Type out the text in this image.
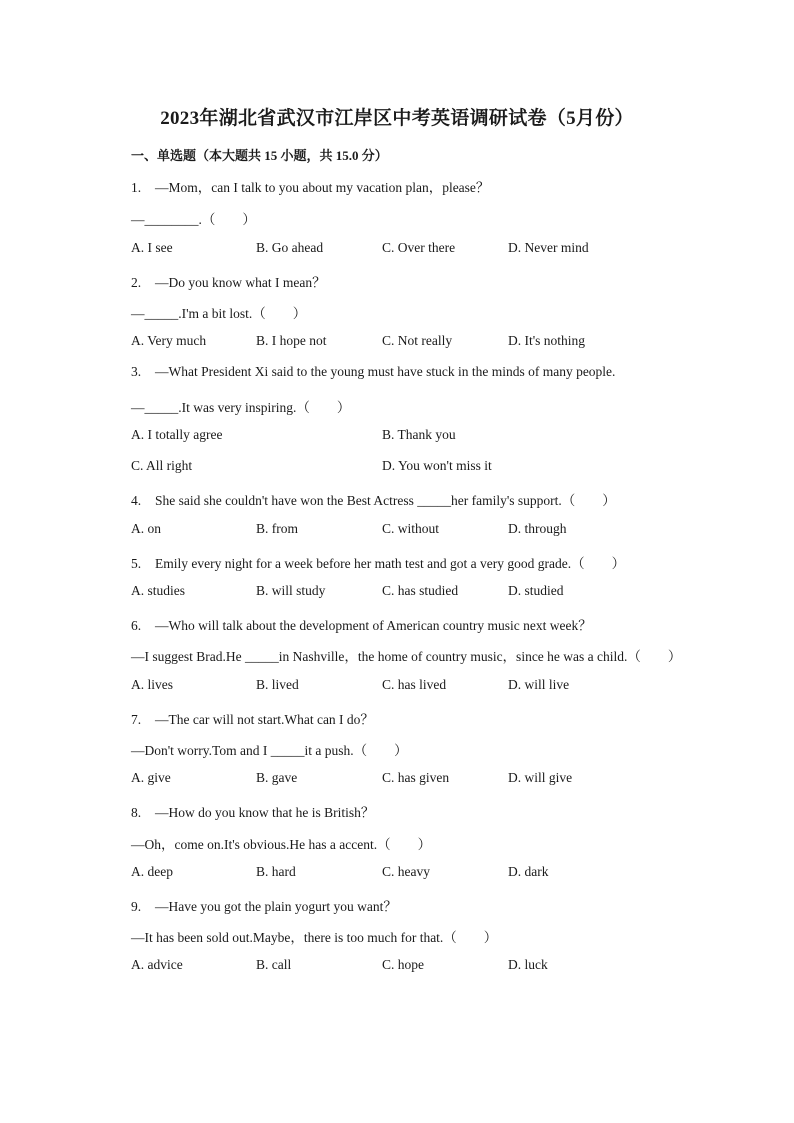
2023年湖北省武汉市江岸区中考英语调研试卷（5月份）
一、单选题（本大题共 15 小题，共 15.0 分）
1. —Mom，can I talk to you about my vacation plan，please？
—________.（　　）
A. I see	B. Go ahead	C. Over there	D. Never mind
2. —Do you know what I mean？
—_____.I'm a bit lost.（　　）
A. Very much	B. I hope not	C. Not really	D. It's nothing
3. —What President Xi said to the young must have stuck in the minds of many people.
—_____.It was very inspiring.（　　）
A. I totally agree	B. Thank you
C. All right	D. You won't miss it
4. She said she couldn't have won the Best Actress _____her family's support.（　　）
A. on	B. from	C. without	D. through
5. Emily every night for a week before her math test and got a very good grade.（　　）
A. studies	B. will study	C. has studied	D. studied
6. —Who will talk about the development of American country music next week？
—I suggest Brad.He _____in Nashville，the home of country music，since he was a child.（　　）
A. lives	B. lived	C. has lived	D. will live
7. —The car will not start.What can I do？
—Don't worry.Tom and I _____it a push.（　　）
A. give	B. gave	C. has given	D. will give
8. —How do you know that he is British？
—Oh，come on.It's obvious.He has a accent.（　　）
A. deep	B. hard	C. heavy	D. dark
9. —Have you got the plain yogurt you want？
—It has been sold out.Maybe，there is too much for that.（　　）
A. advice	B. call	C. hope	D. luck
